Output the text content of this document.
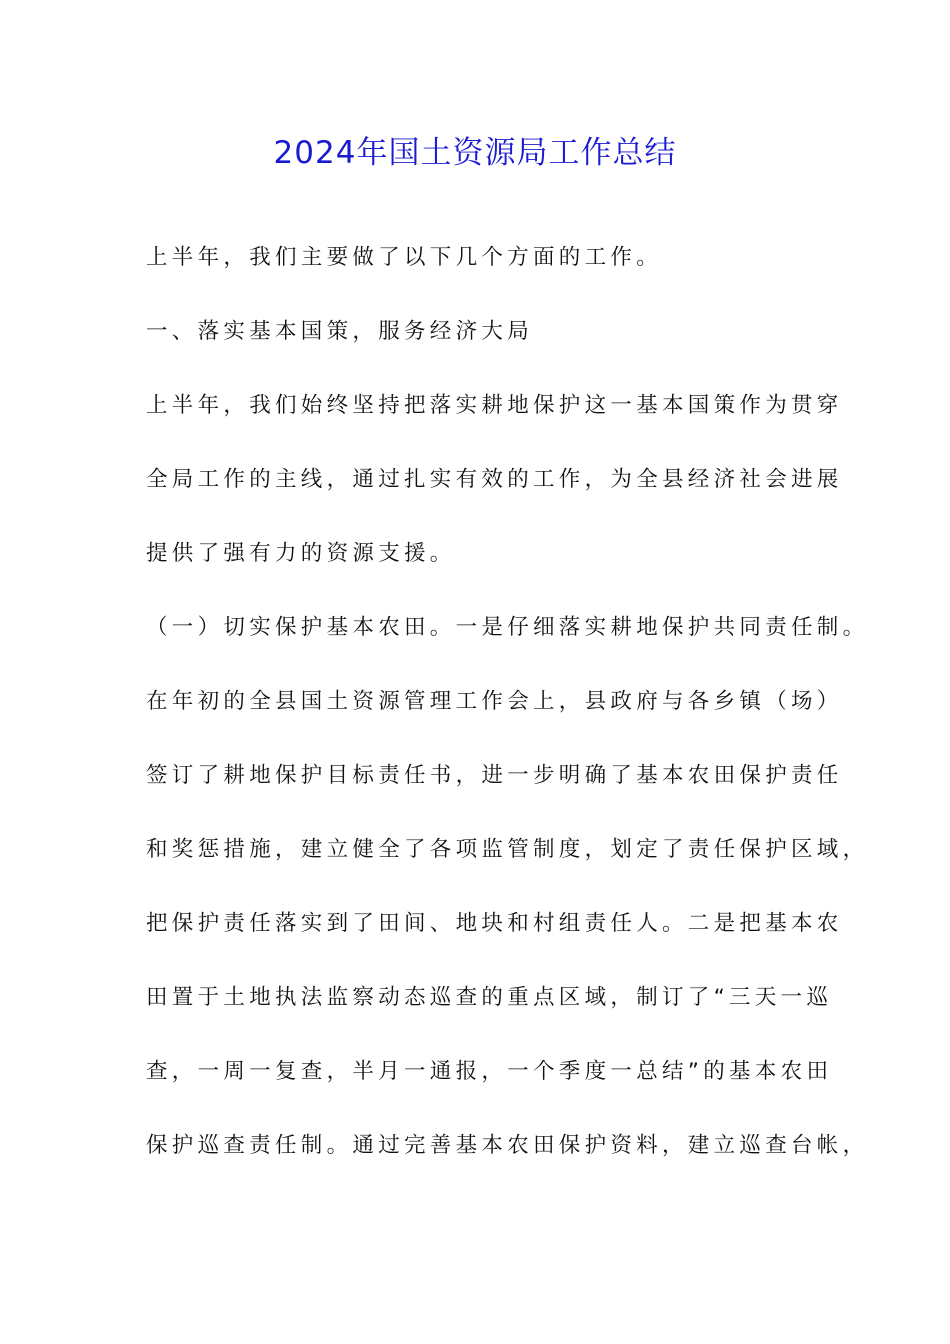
2024年国土资源局工作总结
上半年，我们主要做了以下几个方面的工作。
一、落实基本国策，服务经济大局
上半年，我们始终坚持把落实耕地保护这一基本国策作为贯穿
全局工作的主线，通过扎实有效的工作，为全县经济社会进展
提供了强有力的资源支援。
（一）切实保护基本农田。一是仔细落实耕地保护共同责任制。
在年初的全县国土资源管理工作会上，县政府与各乡镇（场）
签订了耕地保护目标责任书，进一步明确了基本农田保护责任
和奖惩措施，建立健全了各项监管制度，划定了责任保护区域，
把保护责任落实到了田间、地块和村组责任人。二是把基本农
田置于土地执法监察动态巡查的重点区域，制订了“三天一巡
查，一周一复查，半月一通报，一个季度一总结”的基本农田
保护巡查责任制。通过完善基本农田保护资料，建立巡查台帐，
